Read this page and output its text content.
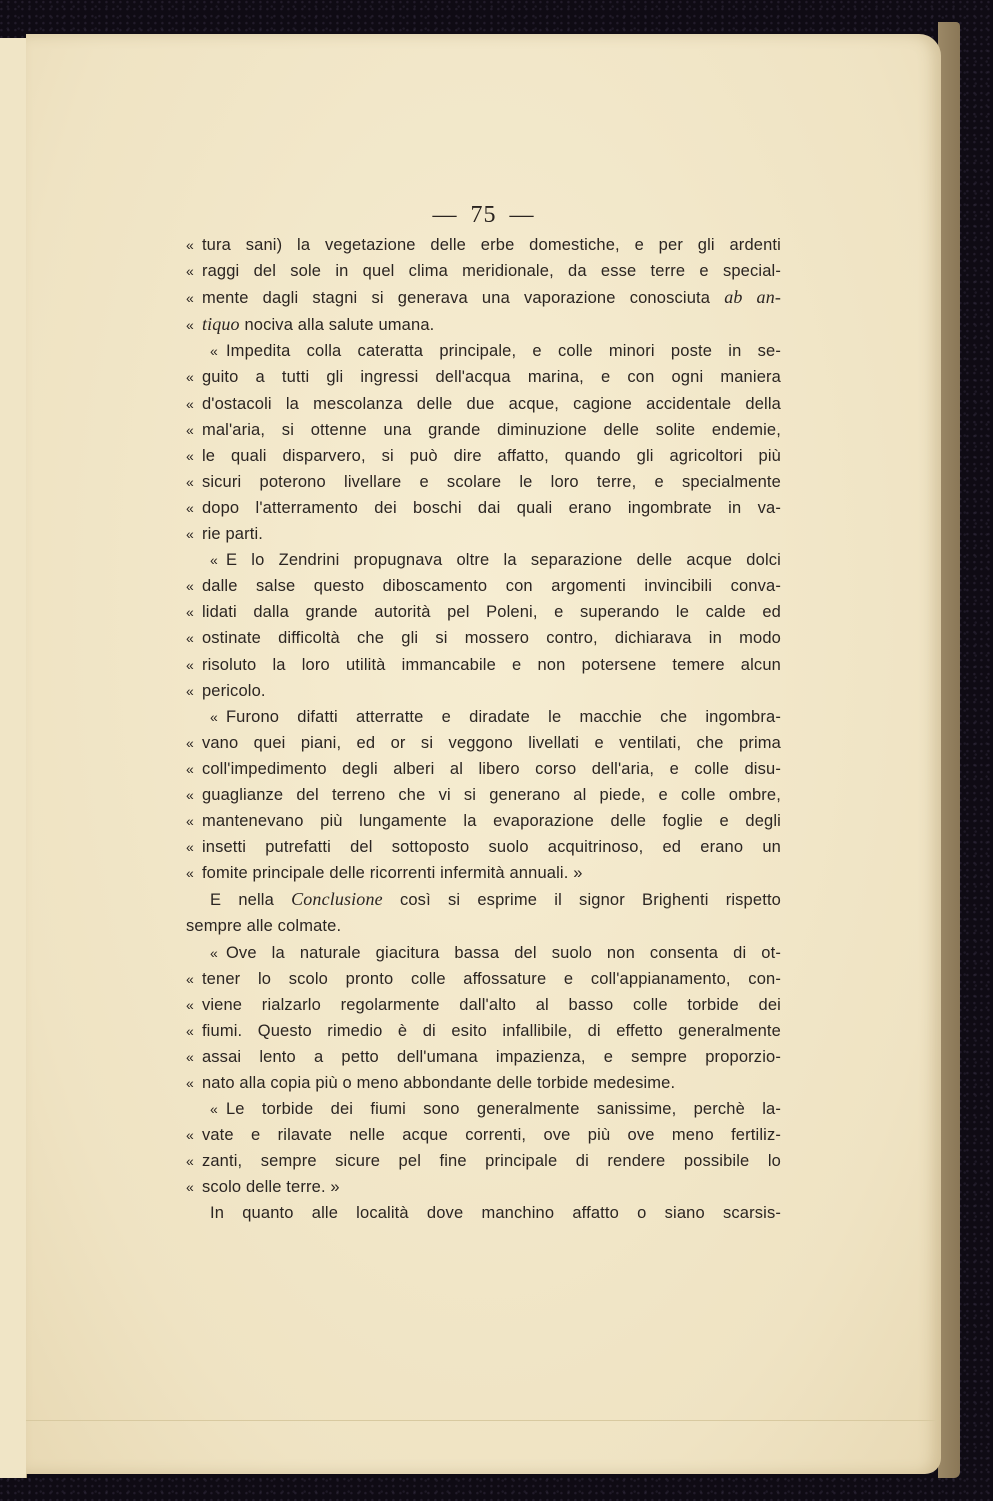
— 75 —
« tura sani) la vegetazione delle erbe domestiche, e per gli ardenti
« raggi del sole in quel clima meridionale, da esse terre e special-
« mente dagli stagni si generava una vaporazione conosciuta ab an-
« tiquo nociva alla salute umana.
« Impedita colla cateratta principale, e colle minori poste in se-
« guito a tutti gli ingressi dell'acqua marina, e con ogni maniera
« d'ostacoli la mescolanza delle due acque, cagione accidentale della
« mal'aria, si ottenne una grande diminuzione delle solite endemie,
« le quali disparvero, si può dire affatto, quando gli agricoltori più
« sicuri poterono livellare e scolare le loro terre, e specialmente
« dopo l'atterramento dei boschi dai quali erano ingombrate in va-
« rie parti.
« E lo Zendrini propugnava oltre la separazione delle acque dolci
« dalle salse questo diboscamento con argomenti invincibili conva-
« lidati dalla grande autorità pel Poleni, e superando le calde ed
« ostinate difficoltà che gli si mossero contro, dichiarava in modo
« risoluto la loro utilità immancabile e non potersene temere alcun
« pericolo.
« Furono difatti atterratte e diradate le macchie che ingombra-
« vano quei piani, ed or si veggono livellati e ventilati, che prima
« coll'impedimento degli alberi al libero corso dell'aria, e colle disu-
« guaglianze del terreno che vi si generano al piede, e colle ombre,
« mantenevano più lungamente la evaporazione delle foglie e degli
« insetti putrefatti del sottoposto suolo acquitrinoso, ed erano un
« fomite principale delle ricorrenti infermità annuali. »
E nella Conclusione così si esprime il signor Brighenti rispetto
sempre alle colmate.
« Ove la naturale giacitura bassa del suolo non consenta di ot-
« tener lo scolo pronto colle affossature e coll'appianamento, con-
« viene rialzarlo regolarmente dall'alto al basso colle torbide dei
« fiumi. Questo rimedio è di esito infallibile, di effetto generalmente
« assai lento a petto dell'umana impazienza, e sempre proporzio-
« nato alla copia più o meno abbondante delle torbide medesime.
« Le torbide dei fiumi sono generalmente sanissime, perchè la-
« vate e rilavate nelle acque correnti, ove più ove meno fertiliz-
« zanti, sempre sicure pel fine principale di rendere possibile lo
« scolo delle terre. »
In quanto alle località dove manchino affatto o siano scarsis-
